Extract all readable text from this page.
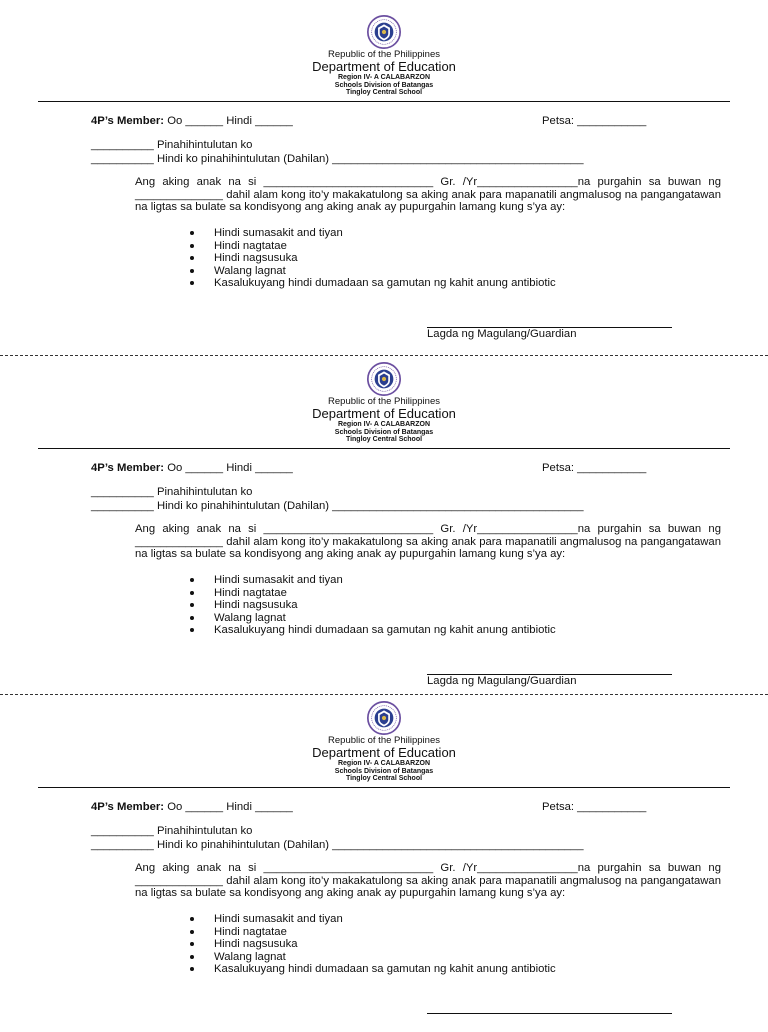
Republic of the Philippines
Department of Education
Region IV- A CALABARZON
Schools Division of Batangas
Tingloy Central School
4P’s Member: Oo ______ Hindi ______	Petsa: ___________
__________ Pinahihintulutan ko
__________ Hindi ko pinahihintulutan (Dahilan) ________________________________________
Ang aking anak na si ___________________________ Gr. /Yr________________na purgahin sa buwan ng ______________ dahil alam kong ito’y makakatulong sa aking anak para mapanatili angmalusog na pangangatawan na ligtas sa bulate sa kondisyong ang aking anak ay pupurgahin lamang kung s’ya ay:
Hindi sumasakit and tiyan
Hindi nagtatae
Hindi nagsusuka
Walang lagnat
Kasalukuyang hindi dumadaan sa gamutan ng kahit anung antibiotic
Lagda ng Magulang/Guardian
Republic of the Philippines
Department of Education
Region IV- A CALABARZON
Schools Division of Batangas
Tingloy Central School
4P’s Member: Oo ______ Hindi ______	Petsa: ___________
__________ Pinahihintulutan ko
__________ Hindi ko pinahihintulutan (Dahilan) ________________________________________
Ang aking anak na si ___________________________ Gr. /Yr________________na purgahin sa buwan ng ______________ dahil alam kong ito’y makakatulong sa aking anak para mapanatili angmalusog na pangangatawan na ligtas sa bulate sa kondisyong ang aking anak ay pupurgahin lamang kung s’ya ay:
Hindi sumasakit and tiyan
Hindi nagtatae
Hindi nagsusuka
Walang lagnat
Kasalukuyang hindi dumadaan sa gamutan ng kahit anung antibiotic
Lagda ng Magulang/Guardian
Republic of the Philippines
Department of Education
Region IV- A CALABARZON
Schools Division of Batangas
Tingloy Central School
4P’s Member: Oo ______ Hindi ______	Petsa: ___________
__________ Pinahihintulutan ko
__________ Hindi ko pinahihintulutan (Dahilan) ________________________________________
Ang aking anak na si ___________________________ Gr. /Yr________________na purgahin sa buwan ng ______________ dahil alam kong ito’y makakatulong sa aking anak para mapanatili angmalusog na pangangatawan na ligtas sa bulate sa kondisyong ang aking anak ay pupurgahin lamang kung s’ya ay:
Hindi sumasakit and tiyan
Hindi nagtatae
Hindi nagsusuka
Walang lagnat
Kasalukuyang hindi dumadaan sa gamutan ng kahit anung antibiotic
